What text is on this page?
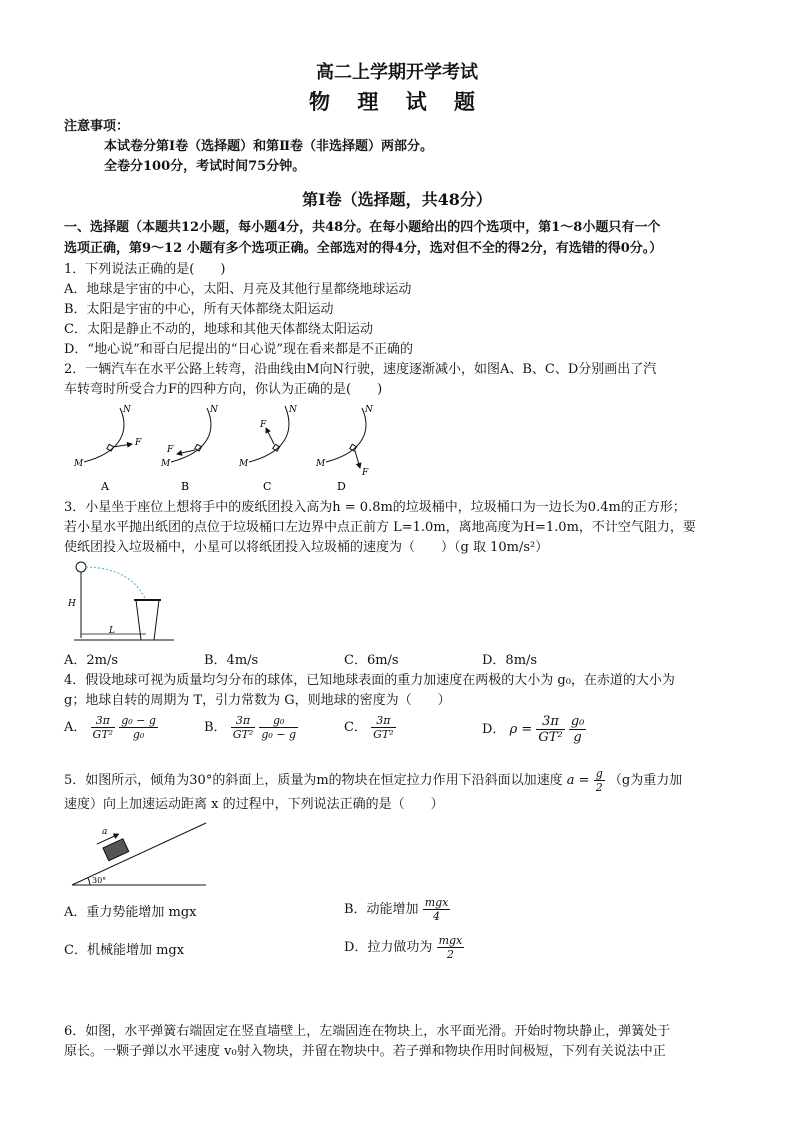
高二上学期开学考试
物 理 试 题
注意事项：
本试卷分第Ⅰ卷（选择题）和第Ⅱ卷（非选择题）两部分。
全卷分100分，考试时间75分钟。
第Ⅰ卷（选择题，共48分）
一、选择题（本题共12小题，每小题4分，共48分。在每小题给出的四个选项中，第1～8小题只有一个
选项正确，第9～12 小题有多个选项正确。全部选对的得4分，选对但不全的得2分，有选错的得0分。）
1．下列说法正确的是(　　)
A．地球是宇宙的中心，太阳、月亮及其他行星都绕地球运动
B．太阳是宇宙的中心，所有天体都绕太阳运动
C．太阳是静止不动的，地球和其他天体都绕太阳运动
D．“地心说”和哥白尼提出的“日心说”现在看来都是不正确的
2．一辆汽车在水平公路上转弯，沿曲线由M向N行驶，速度逐渐减小，如图A、B、C、D分别画出了汽
车转弯时所受合力F的四种方向，你认为正确的是(　　)
N
F
M
A
N
F
M
B
N
F
M
C
N
F
M
D
3．小星坐于座位上想将手中的废纸团投入高为h = 0.8m的垃圾桶中，垃圾桶口为一边长为0.4m的正方形；
若小星水平抛出纸团的点位于垃圾桶口左边界中点正前方 L=1.0m，离地高度为H=1.0m，不计空气阻力，要
使纸团投入垃圾桶中，小星可以将纸团投入垃圾桶的速度为（　　）（g 取 10m/s²）
H
L
A．2m/s	B．4m/s	C．6m/s	D．8m/s
4．假设地球可视为质量均匀分布的球体，已知地球表面的重力加速度在两极的大小为 g₀，在赤道的大小为
g；地球自转的周期为 T，引力常数为 G，则地球的密度为（　　）
A． $\frac{3\pi}{\text{GT²}}$
$\frac{\text{g₀ − g}}{\text{g₀}}$	B． $\frac{3\pi}{\text{GT²}}$
$\frac{\text{g₀}}{\text{g₀ − g}}$	C． $\frac{3\pi}{\text{GT²}}$	D． $\rho = \frac{3\pi}{\text{GT²}}$
$\frac{\text{g₀}}{g}$
5．如图所示，倾角为30°的斜面上，质量为m的物块在恒定拉力作用下沿斜面以加速度 $a = \frac{g}{2} (g$为重力加
速度）向上加速运动距离 x 的过程中，下列说法正确的是（　　）
a
30°
A．重力势能增加 mgx	B．动能增加 $\frac{\text{mgx}}{4}$
C．机械能增加 mgx	D．拉力做功为 $\frac{\text{mgx}}{2}$
6．如图，水平弹簧右端固定在竖直墙壁上，左端固连在物块上，水平面光滑。开始时物块静止，弹簧处于
原长。一颗子弹以水平速度 v₀射入物块，并留在物块中。若子弹和物块作用时间极短，下列有关说法中正
